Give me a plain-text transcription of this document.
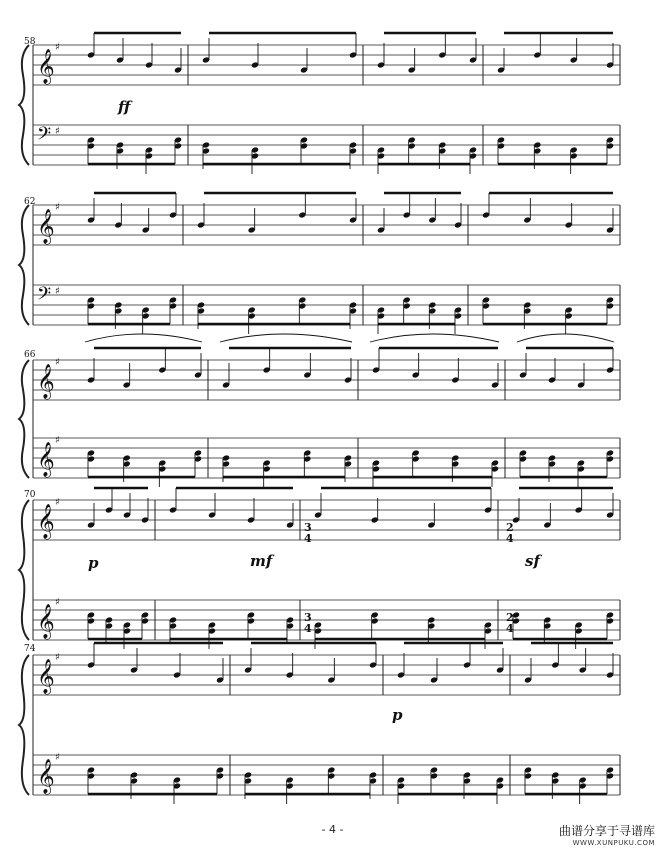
𝄞
♯
𝄢 ♯
𝄞
♯
𝄢 ♯
𝄞
♯
𝄞
♯
𝄞
♯
𝄞
♯
𝄞
♯
𝄞
♯
58
62
66
70
74
ff
p	mf	sf
p
3
4
3
4
2
4
2
4
- 4 -	曲谱分享于寻谱库
WWW.XUNPUKU.COM
